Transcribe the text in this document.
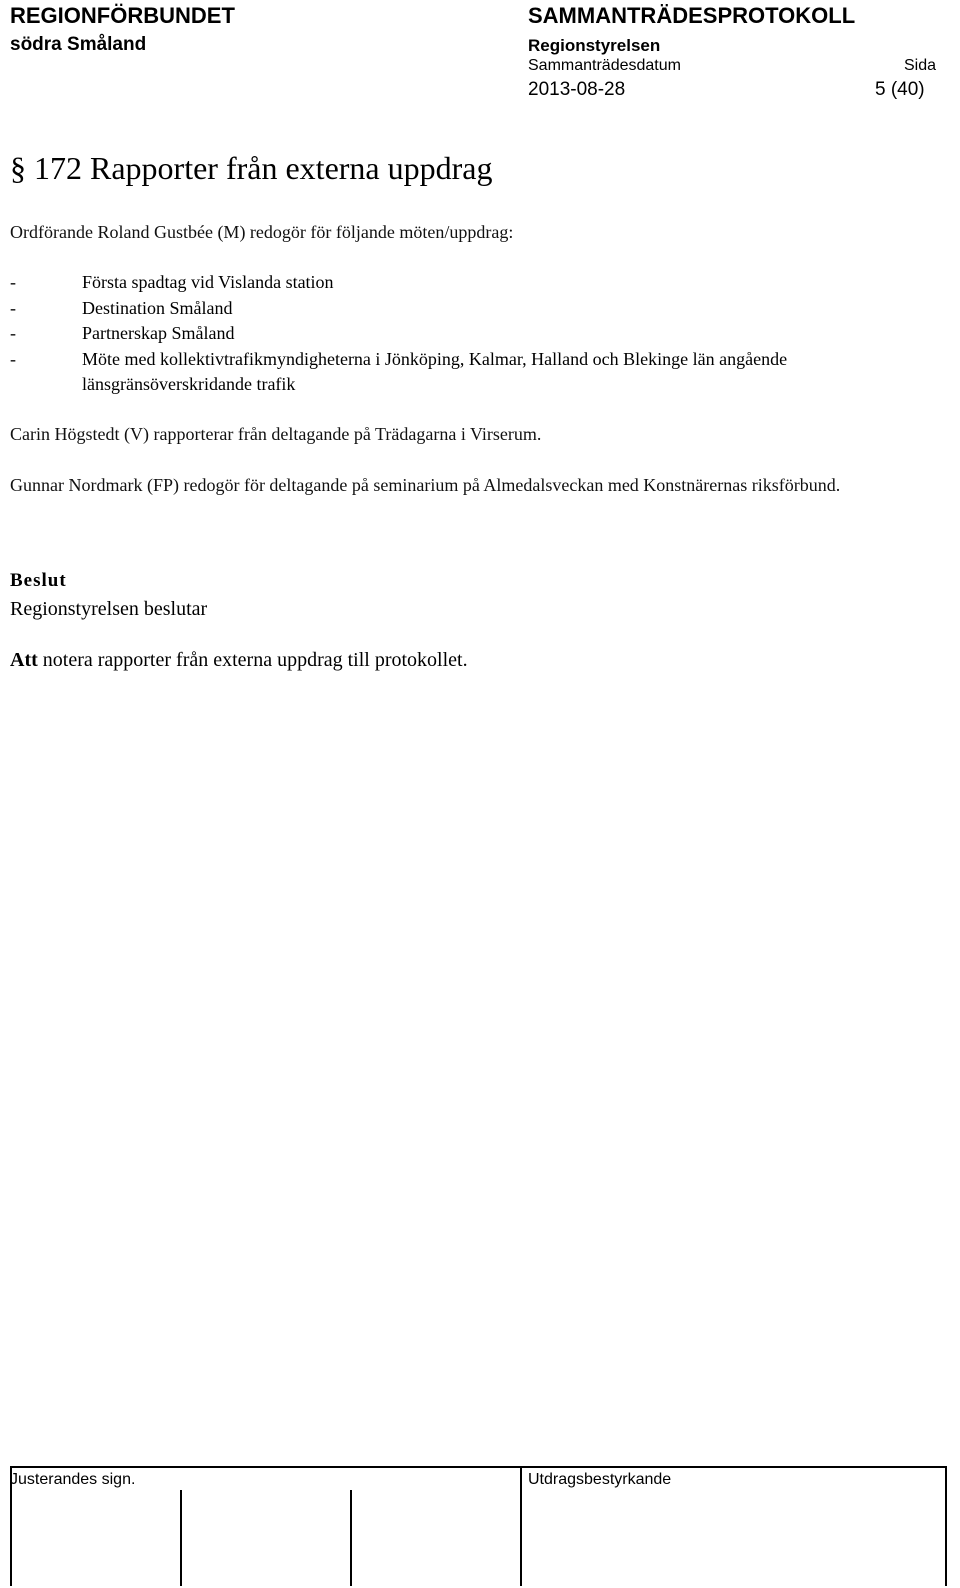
REGIONFÖRBUNDET
södra Småland
SAMMANTRÄDESPROTOKOLL
Regionstyrelsen
Sammanträdesdatum	Sida
2013-08-28	5 (40)
§ 172 Rapporter från externa uppdrag
Ordförande Roland Gustbée (M) redogör för följande möten/uppdrag:
-	Första spadtag vid Vislanda station
-	Destination Småland
-	Partnerskap Småland
-	Möte med kollektivtrafikmyndigheterna i Jönköping, Kalmar, Halland och Blekinge län angående länsgränsöverskridande trafik
Carin Högstedt (V) rapporterar från deltagande på Trädagarna i Virserum.
Gunnar Nordmark (FP) redogör för deltagande på seminarium på Almedalsveckan med Konstnärernas riksförbund.
Beslut
Regionstyrelsen beslutar
Att notera rapporter från externa uppdrag till protokollet.
Justerandes sign.	Utdragsbestyrkande
